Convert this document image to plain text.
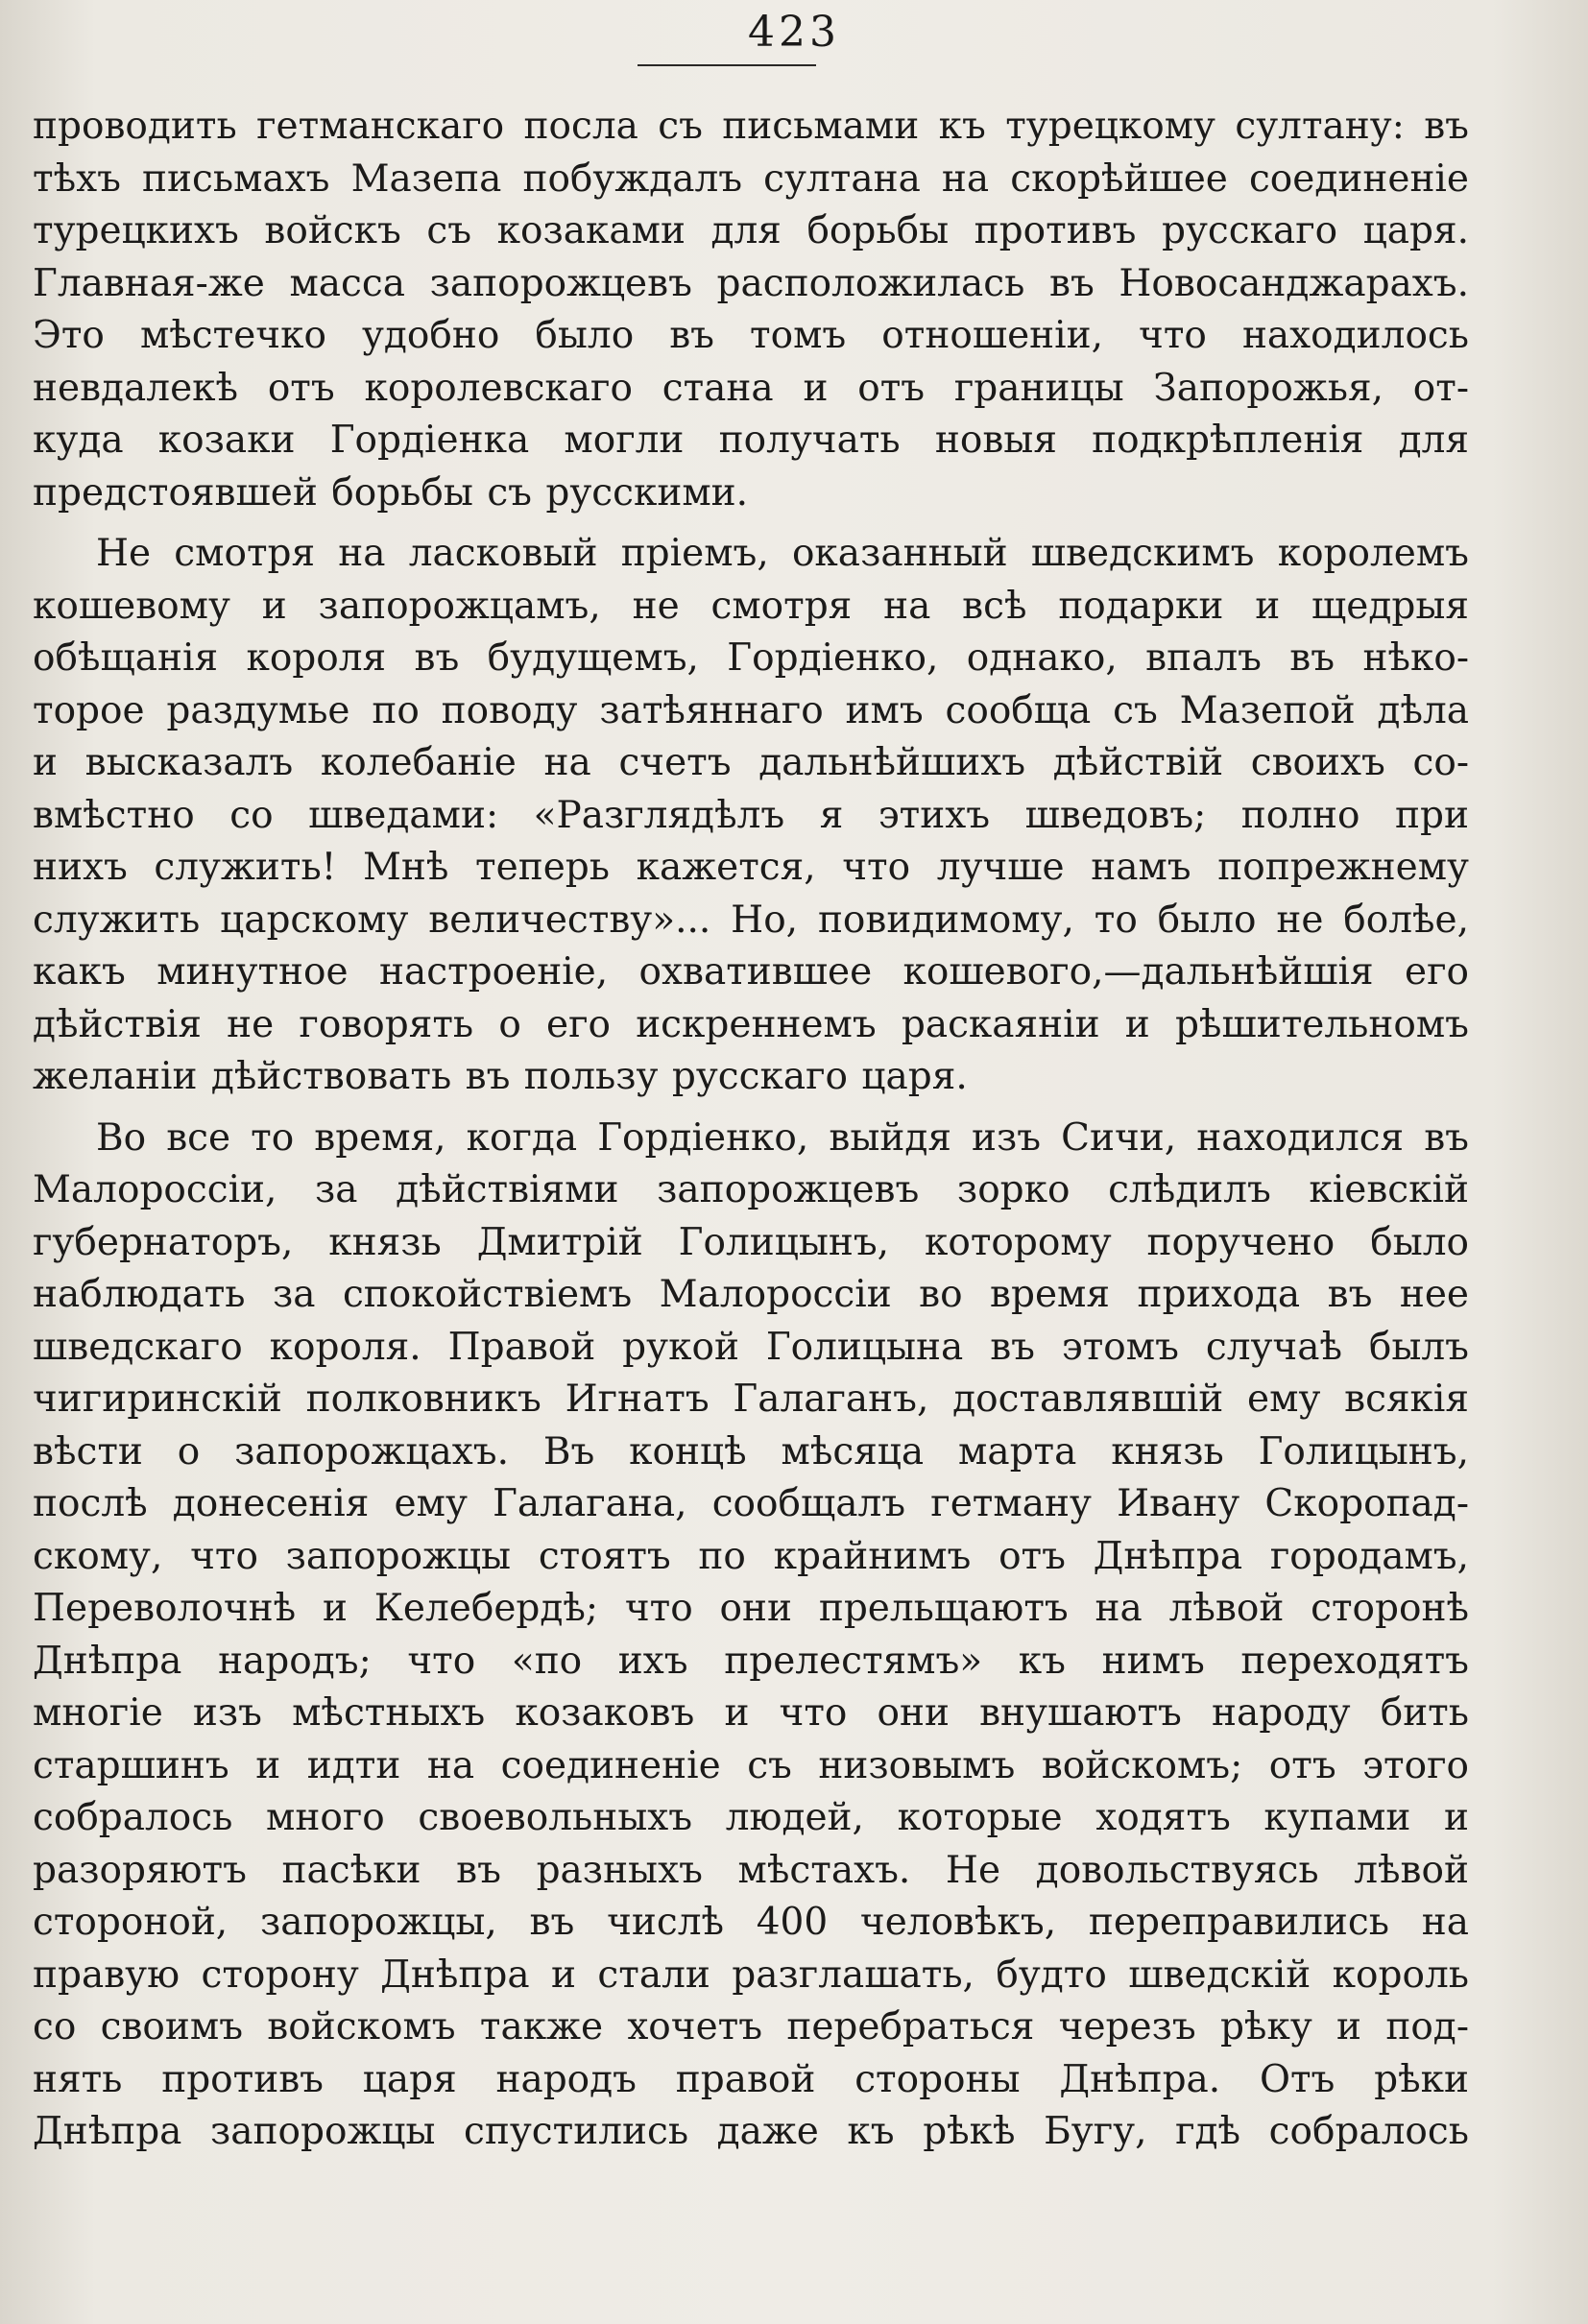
423
проводить гетманскаго посла съ письмами къ турецкому султану: въ
тѣхъ письмахъ Мазепа побуждалъ султана на скорѣйшее соединеніе
турецкихъ войскъ съ козаками для борьбы противъ русскаго царя.
Главная-же масса запорожцевъ расположилась въ Новосанджарахъ.
Это мѣстечко удобно было въ томъ отношеніи, что находилось
невдалекѣ отъ королевскаго стана и отъ границы Запорожья, от-
куда козаки Гордіенка могли получать новыя подкрѣпленія для
предстоявшей борьбы съ русскими.
Не смотря на ласковый пріемъ, оказанный шведскимъ королемъ
кошевому и запорожцамъ, не смотря на всѣ подарки и щедрыя
обѣщанія короля въ будущемъ, Гордіенко, однако, впалъ въ нѣко-
торое раздумье по поводу затѣяннаго имъ сообща съ Мазепой дѣла
и высказалъ колебаніе на счетъ дальнѣйшихъ дѣйствій своихъ со-
вмѣстно со шведами: «Разглядѣлъ я этихъ шведовъ; полно при
нихъ служить! Мнѣ теперь кажется, что лучше намъ попрежнему
служить царскому величеству»... Но, повидимому, то было не болѣе,
какъ минутное настроеніе, охватившее кошевого,—дальнѣйшія его
дѣйствія не говорять о его искреннемъ раскаяніи и рѣшительномъ
желаніи дѣйствовать въ пользу русскаго царя.
Во все то время, когда Гордіенко, выйдя изъ Сичи, находился въ
Малороссіи, за дѣйствіями запорожцевъ зорко слѣдилъ кіевскій
губернаторъ, князь Дмитрій Голицынъ, которому поручено было
наблюдать за спокойствіемъ Малороссіи во время прихода въ нее
шведскаго короля. Правой рукой Голицына въ этомъ случаѣ былъ
чигиринскій полковникъ Игнатъ Галаганъ, доставлявшій ему всякія
вѣсти о запорожцахъ. Въ концѣ мѣсяца марта князь Голицынъ,
послѣ донесенія ему Галагана, сообщалъ гетману Ивану Скоропад-
скому, что запорожцы стоятъ по крайнимъ отъ Днѣпра городамъ,
Переволочнѣ и Келебердѣ; что они прельщаютъ на лѣвой сторонѣ
Днѣпра народъ; что «по ихъ прелестямъ» къ нимъ переходятъ
многіе изъ мѣстныхъ козаковъ и что они внушаютъ народу бить
старшинъ и идти на соединеніе съ низовымъ войскомъ; отъ этого
собралось много своевольныхъ людей, которые ходятъ купами и
разоряютъ пасѣки въ разныхъ мѣстахъ. Не довольствуясь лѣвой
стороной, запорожцы, въ числѣ 400 человѣкъ, переправились на
правую сторону Днѣпра и стали разглашать, будто шведскій король
со своимъ войскомъ также хочетъ перебраться черезъ рѣку и под-
нять противъ царя народъ правой стороны Днѣпра. Отъ рѣки
Днѣпра запорожцы спустились даже къ рѣкѣ Бугу, гдѣ собралось
